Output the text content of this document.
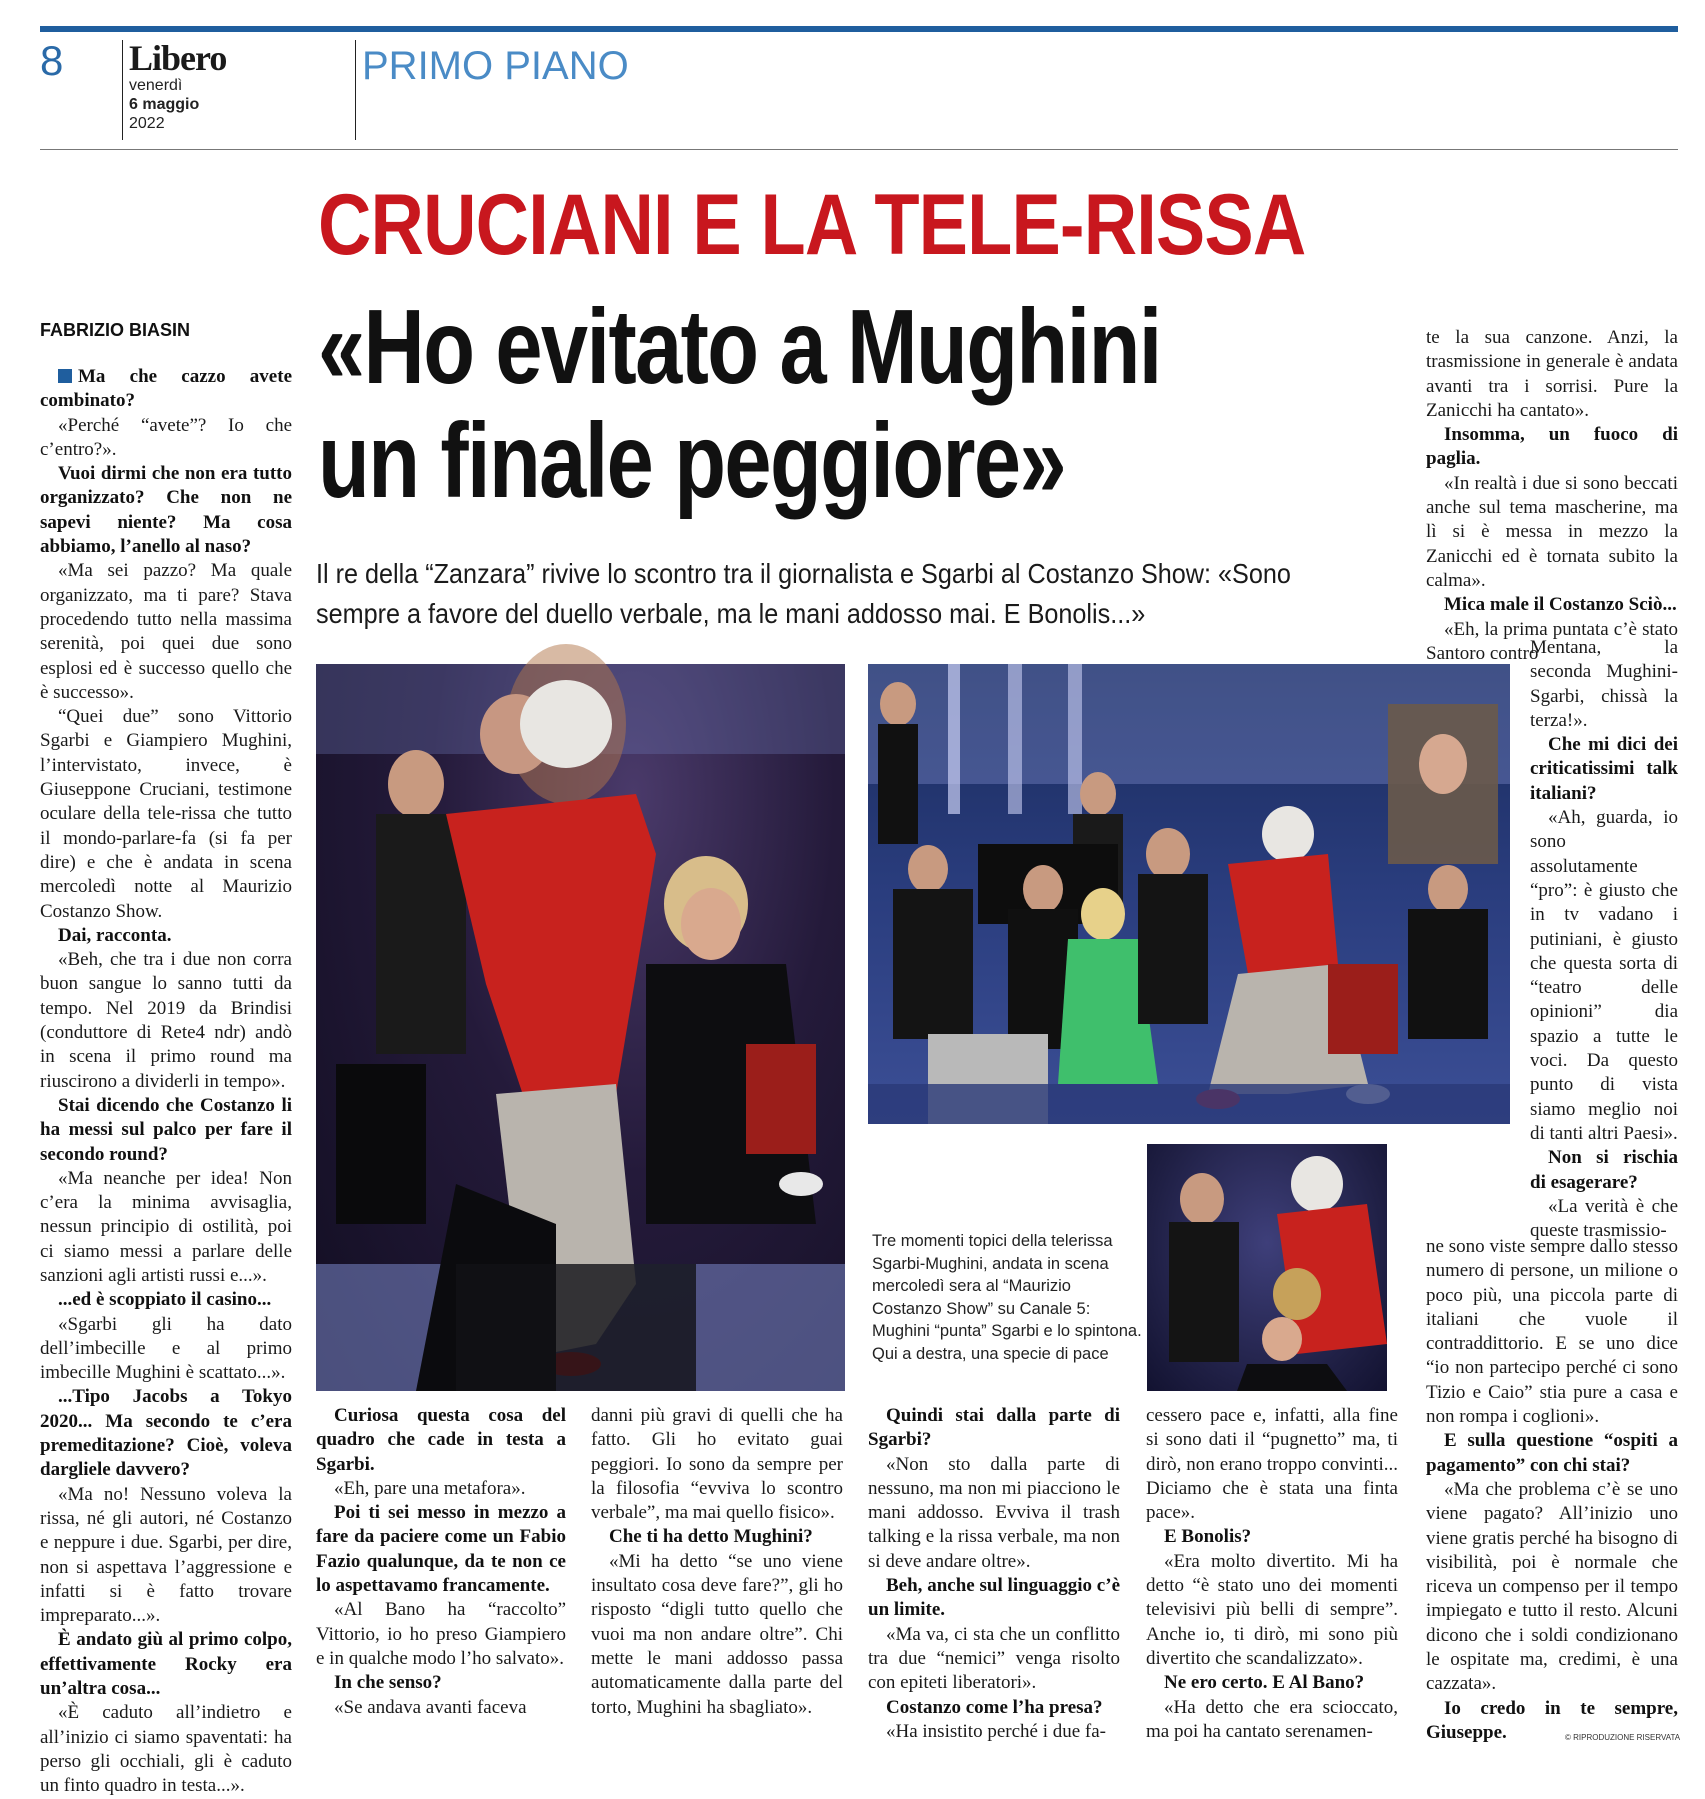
8 Libero
venerdì
6 maggio
2022
PRIMO PIANO
CRUCIANI E LA TELE-RISSA
«Ho evitato a Mughini un finale peggiore»
Il re della “Zanzara” rivive lo scontro tra il giornalista e Sgarbi al Costanzo Show: «Sono sempre a favore del duello verbale, ma le mani addosso mai. E Bonolis...»
FABRIZIO BIASIN
Tre momenti topici della telerissa Sgarbi-Mughini, andata in scena mercoledì sera al “Maurizio Costanzo Show” su Canale 5: Mughini “punta” Sgarbi e lo spintona. Qui a destra, una specie di pace

Ma che cazzo avete combinato?

«Perché “avete”? Io che c’entro?».

Vuoi dirmi che non era tutto organizzato? Che non ne sapevi niente? Ma cosa abbiamo, l’anello al naso?

«Ma sei pazzo? Ma quale organizzato, ma ti pare? Stava procedendo tutto nella massima serenità, poi quei due sono esplosi ed è successo quello che è successo».

“Quei due” sono Vittorio Sgarbi e Giampiero Mughini, l’intervistato, invece, è Giuseppone Cruciani, testimone oculare della tele-rissa che tutto il mondo-parlare-fa (si fa per dire) e che è andata in scena mercoledì notte al Maurizio Costanzo Show.

Dai, racconta.

«Beh, che tra i due non corra buon sangue lo sanno tutti da tempo. Nel 2019 da Brindisi (conduttore di Rete4 ndr) andò in scena il primo round ma riuscirono a dividerli in tempo».

Stai dicendo che Costanzo li ha messi sul palco per fare il secondo round?

«Ma neanche per idea! Non c’era la minima avvisaglia, nessun principio di ostilità, poi ci siamo messi a parlare delle sanzioni agli artisti russi e...».

...ed è scoppiato il casino...

«Sgarbi gli ha dato dell’imbecille e al primo imbecille Mughini è scattato...».

...Tipo Jacobs a Tokyo 2020... Ma secondo te c’era premeditazione? Cioè, voleva dargliele davvero?

«Ma no! Nessuno voleva la rissa, né gli autori, né Costanzo e neppure i due. Sgarbi, per dire, non si aspettava l’aggressione e infatti si è fatto trovare impreparato...».

È andato giù al primo colpo, effettivamente Rocky era un’altra cosa...

«È caduto all’indietro e all’inizio ci siamo spaventati: ha perso gli occhiali, gli è caduto un finto quadro in testa...».

Curiosa questa cosa del quadro che cade in testa a Sgarbi.

«Eh, pare una metafora».

Poi ti sei messo in mezzo a fare da paciere come un Fabio Fazio qualunque, da te non ce lo aspettavamo francamente.

«Al Bano ha “raccolto” Vittorio, io ho preso Giampiero e in qualche modo l’ho salvato».

In che senso?

«Se andava avanti faceva

danni più gravi di quelli che ha fatto. Gli ho evitato guai peggiori. Io sono da sempre per la filosofia “evviva lo scontro verbale”, ma mai quello fisico».

Che ti ha detto Mughini?

«Mi ha detto “se uno viene insultato cosa deve fare?”, gli ho risposto “digli tutto quello che vuoi ma non andare oltre”. Chi mette le mani addosso passa automaticamente dalla parte del torto, Mughini ha sbagliato».

Quindi stai dalla parte di Sgarbi?

«Non sto dalla parte di nessuno, ma non mi piacciono le mani addosso. Evviva il trash talking e la rissa verbale, ma non si deve andare oltre».

Beh, anche sul linguaggio c’è un limite.

«Ma va, ci sta che un conflitto tra due “nemici” venga risolto con epiteti liberatori».

Costanzo come l’ha presa?

«Ha insistito perché i due fa-

cessero pace e, infatti, alla fine si sono dati il “pugnetto” ma, ti dirò, non erano troppo convinti... Diciamo che è stata una finta pace».

E Bonolis?

«Era molto divertito. Mi ha detto “è stato uno dei momenti televisivi più belli di sempre”. Anche io, ti dirò, mi sono più divertito che scandalizzato».

Ne ero certo. E Al Bano?

«Ha detto che era scioccato, ma poi ha cantato serenamen-

te la sua canzone. Anzi, la trasmissione in generale è andata avanti tra i sorrisi. Pure la Zanicchi ha cantato».

Insomma, un fuoco di paglia.

«In realtà i due si sono beccati anche sul tema mascherine, ma lì si è messa in mezzo la Zanicchi ed è tornata subito la calma».

Mica male il Costanzo Sciò...

«Eh, la prima puntata c’è stato Santoro contro

Mentana, la seconda Mughini-Sgarbi, chissà la terza!».

Che mi dici dei criticatissimi talk italiani?

«Ah, guarda, io sono assolutamente “pro”: è giusto che in tv vadano i putiniani, è giusto che questa sorta di “teatro delle opinioni” dia spazio a tutte le voci. Da questo punto di vista siamo meglio noi di tanti altri Paesi».

Non si rischia di esagerare?

«La verità è che queste trasmissio-

ne sono viste sempre dallo stesso numero di persone, un milione o poco più, una piccola parte di italiani che vuole il contraddittorio. E se uno dice “io non partecipo perché ci sono Tizio e Caio” stia pure a casa e non rompa i coglioni».

E sulla questione “ospiti a pagamento” con chi stai?

«Ma che problema c’è se uno viene pagato? All’inizio uno viene gratis perché ha bisogno di visibilità, poi è normale che riceva un compenso per il tempo impiegato e tutto il resto. Alcuni dicono che i soldi condizionano le ospitate ma, credimi, è una cazzata».

Io credo in te sempre, Giuseppe.	© RIPRODUZIONE RISERVATA
